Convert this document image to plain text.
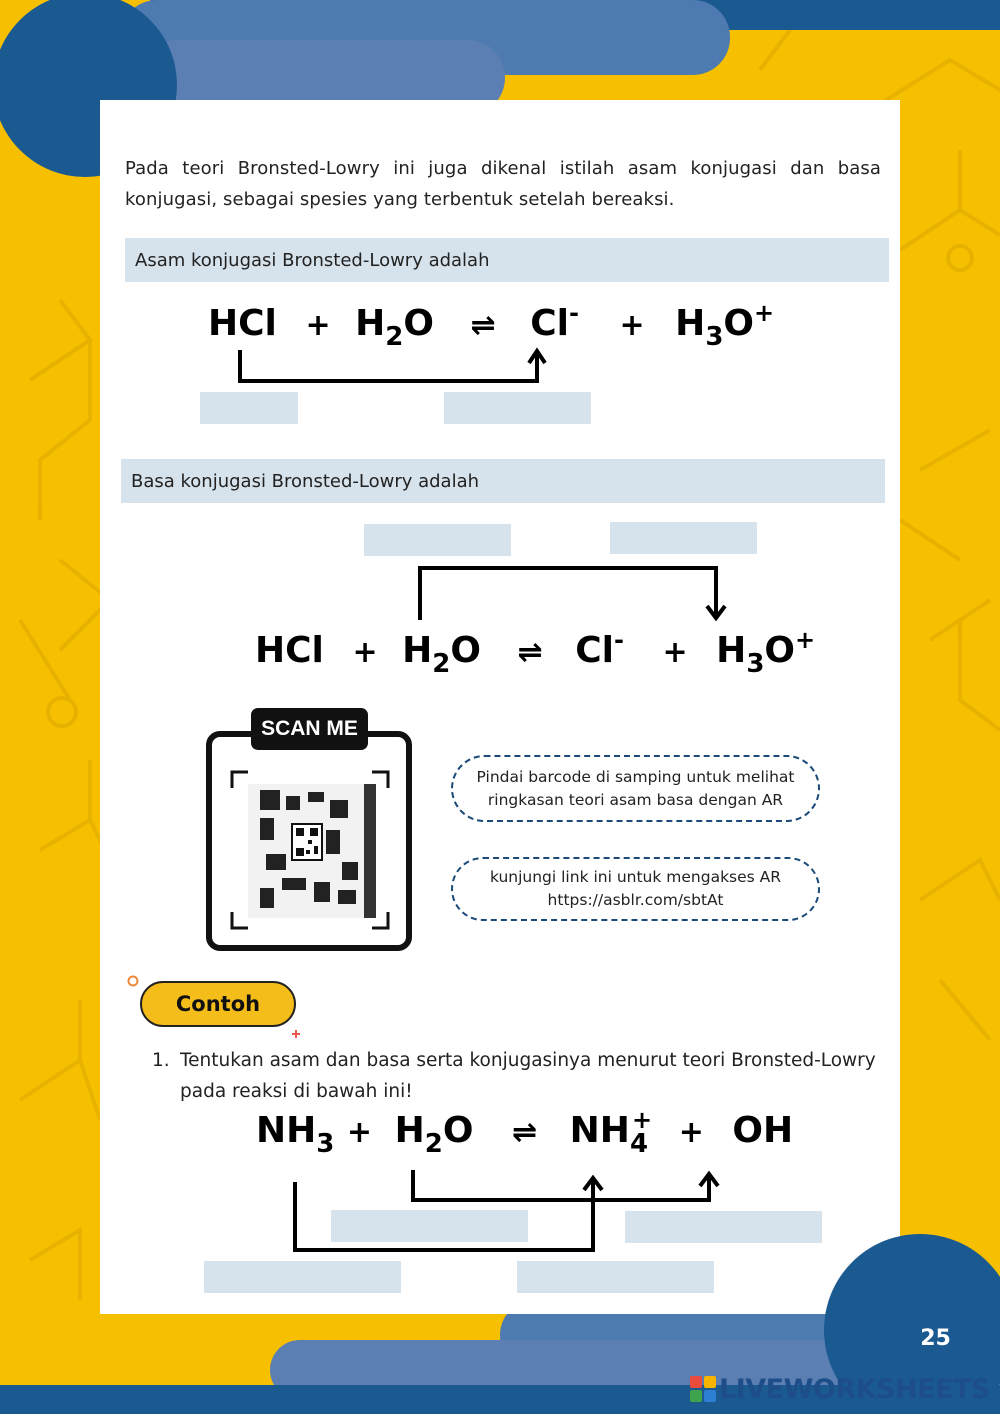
Pada teori Bronsted-Lowry ini juga dikenal istilah asam konjugasi dan basa konjugasi, sebagai spesies yang terbentuk setelah bereaksi.
Asam konjugasi Bronsted-Lowry adalah
HCl + $H_2O$ ⇌ $Cl^- + H_3O^+$
Basa konjugasi Bronsted-Lowry adalah
HCl + $H_2O$ ⇌ $Cl^- + H_3O^+$
SCAN ME
Pindai barcode di samping untuk melihat ringkasan teori asam basa dengan AR
kunjungi link ini untuk mengakses AR
https://asblr.com/sbtAt
Contoh
1. Tentukan asam dan basa serta konjugasinya menurut teori Bronsted-Lowry pada reaksi di bawah ini!
$NH_3 + H_2O$ ⇌ $NH_4^+$ + OH
25
LIVEWORKSHEETS
